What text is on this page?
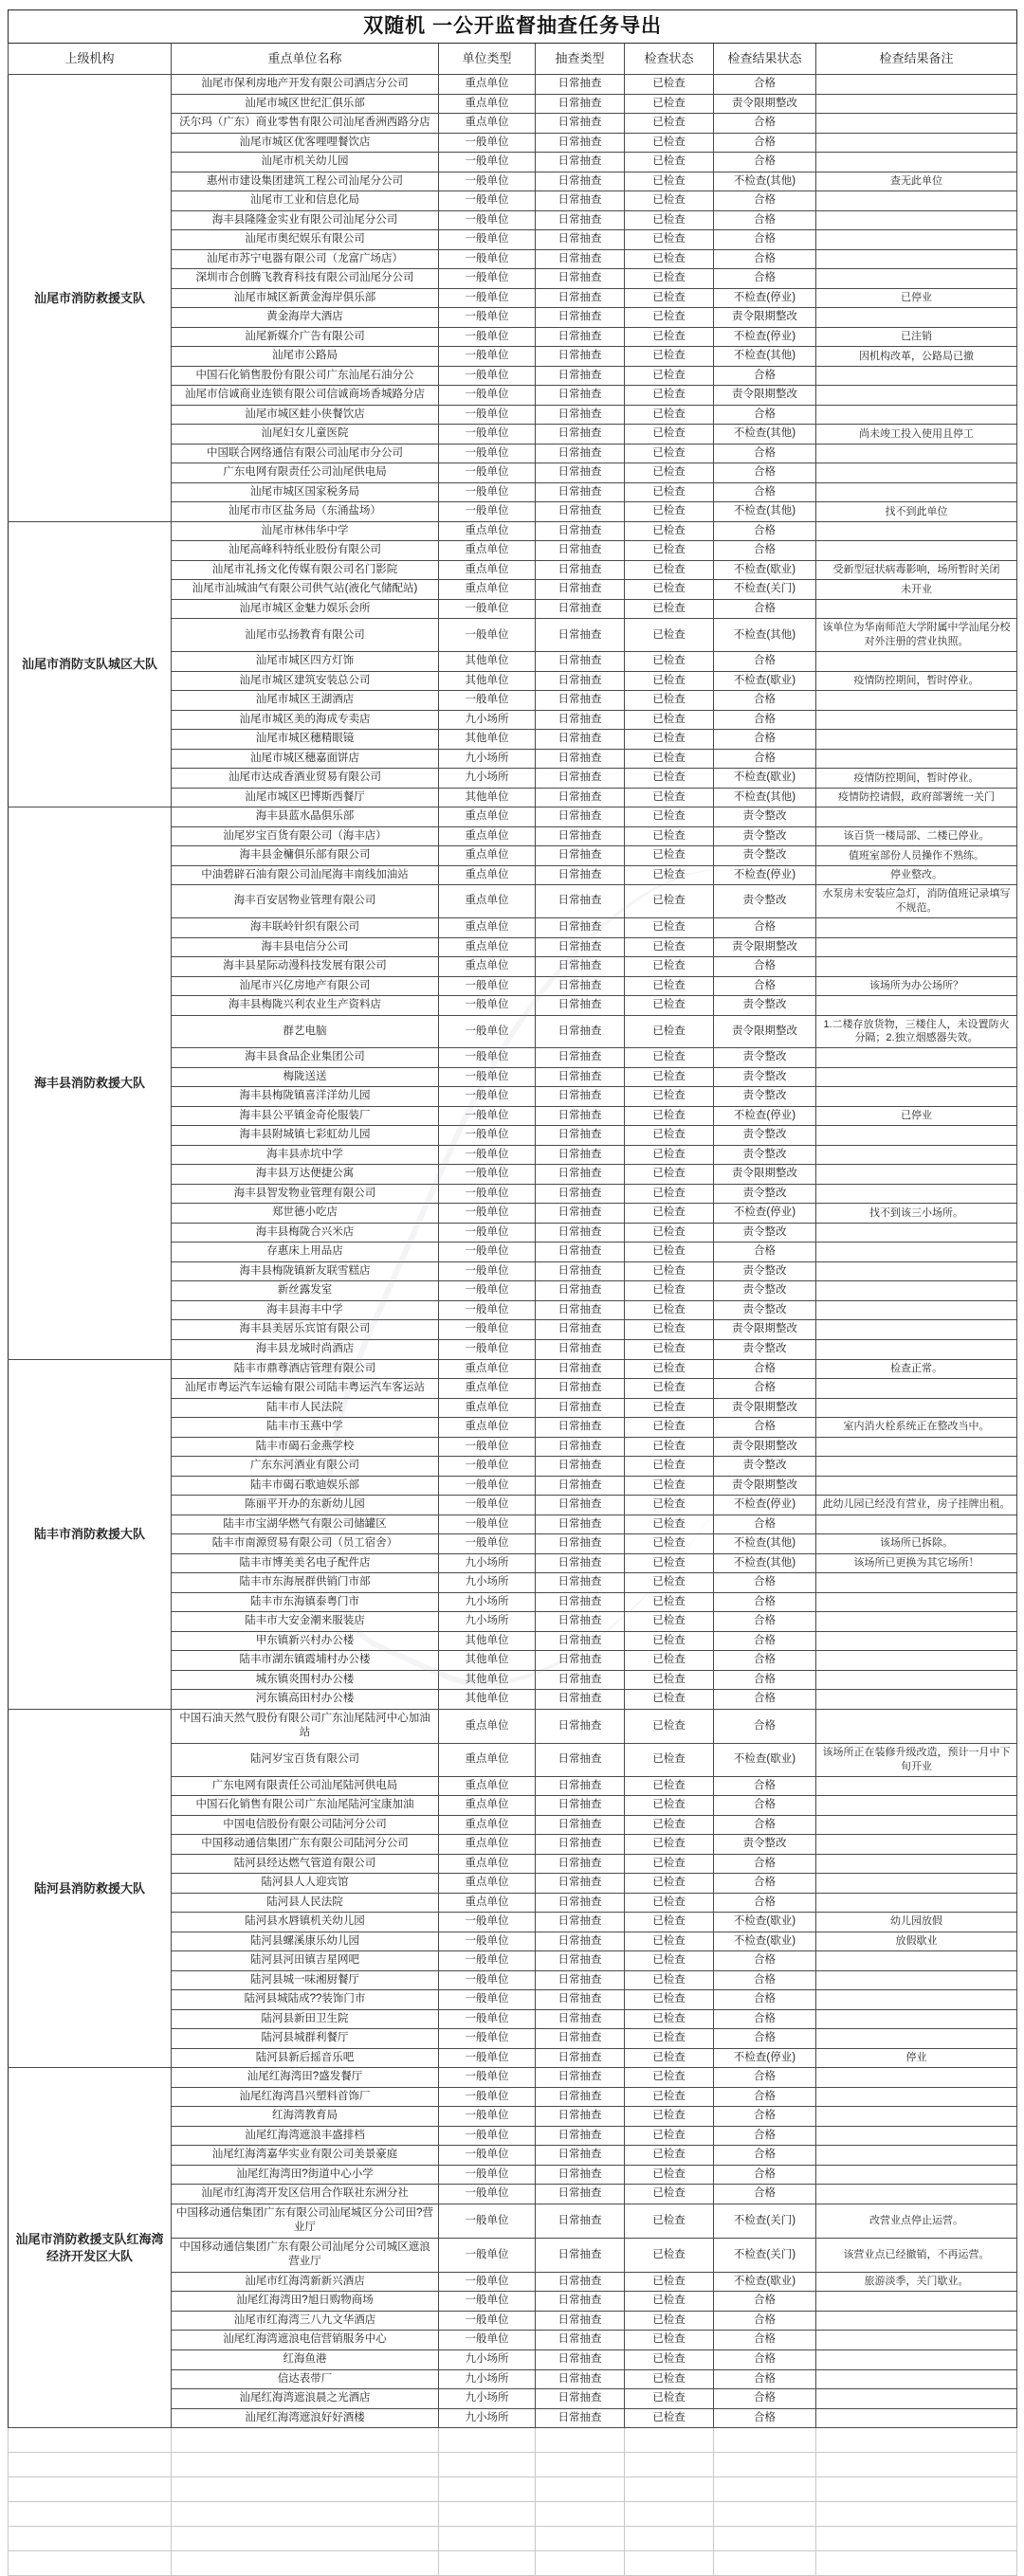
双随机 一公开监督抽查任务导出						
上级机构	重点单位名称	单位类型	抽查类型	检查状态	检查结果状态	检查结果备注
汕尾市消防救援支队	汕尾市保利房地产开发有限公司酒店分公司	重点单位	日常抽查	已检查	合格	
	汕尾市城区世纪汇俱乐部	重点单位	日常抽查	已检查	责令限期整改	
	沃尔玛（广东）商业零售有限公司汕尾香洲西路分店	重点单位	日常抽查	已检查	合格	
	汕尾市城区优客哩哩餐饮店	一般单位	日常抽查	已检查	合格	
	汕尾市机关幼儿园	一般单位	日常抽查	已检查	合格	
	惠州市建设集团建筑工程公司汕尾分公司	一般单位	日常抽查	已检查	不检查(其他)	查无此单位
	汕尾市工业和信息化局	一般单位	日常抽查	已检查	合格	
	海丰县隆隆金实业有限公司汕尾分公司	一般单位	日常抽查	已检查	合格	
	汕尾市奥纪娱乐有限公司	一般单位	日常抽查	已检查	合格	
	汕尾市苏宁电器有限公司（龙富广场店）	一般单位	日常抽查	已检查	合格	
	深圳市合创腾飞教育科技有限公司汕尾分公司	一般单位	日常抽查	已检查	合格	
	汕尾市城区新黄金海岸俱乐部	一般单位	日常抽查	已检查	不检查(停业)	已停业
	黄金海岸大酒店	一般单位	日常抽查	已检查	责令限期整改	
	汕尾新媒介广告有限公司	一般单位	日常抽查	已检查	不检查(停业)	已注销
	汕尾市公路局	一般单位	日常抽查	已检查	不检查(其他)	因机构改革，公路局已撤
	中国石化销售股份有限公司广东汕尾石油分公	一般单位	日常抽查	已检查	合格	
	汕尾市信诚商业连锁有限公司信诚商场香城路分店	一般单位	日常抽查	已检查	责令限期整改	
	汕尾市城区蛙小侠餐饮店	一般单位	日常抽查	已检查	合格	
	汕尾妇女儿童医院	一般单位	日常抽查	已检查	不检查(其他)	尚未竣工投入使用且停工
	中国联合网络通信有限公司汕尾市分公司	一般单位	日常抽查	已检查	合格	
	广东电网有限责任公司汕尾供电局	一般单位	日常抽查	已检查	合格	
	汕尾市城区国家税务局	一般单位	日常抽查	已检查	合格	
	汕尾市市区盐务局（东涌盐场）	一般单位	日常抽查	已检查	不检查(其他)	找不到此单位
汕尾市消防支队城区大队	汕尾市林伟华中学	重点单位	日常抽查	已检查	合格	
	汕尾高峰科特纸业股份有限公司	重点单位	日常抽查	已检查	合格	
	汕尾市礼扬文化传媒有限公司名门影院	重点单位	日常抽查	已检查	不检查(歇业)	受新型冠状病毒影响，场所暂时关闭
	汕尾市汕城油气有限公司供气站(液化气储配站)	重点单位	日常抽查	已检查	不检查(关门)	未开业
	汕尾市城区金魅力娱乐会所	一般单位	日常抽查	已检查	合格	
	汕尾市弘扬教育有限公司	一般单位	日常抽查	已检查	不检查(其他)	该单位为华南师范大学附属中学汕尾分校对外注册的营业执照。
	汕尾市城区四方灯饰	其他单位	日常抽查	已检查	合格	
	汕尾市城区建筑安装总公司	其他单位	日常抽查	已检查	不检查(歇业)	疫情防控期间，暂时停业。
	汕尾市城区王湖酒店	一般单位	日常抽查	已检查	合格	
	汕尾市城区美的海成专卖店	九小场所	日常抽查	已检查	合格	
	汕尾市城区穗精眼镜	其他单位	日常抽查	已检查	合格	
	汕尾市城区穗嘉面饼店	九小场所	日常抽查	已检查	合格	
	汕尾市达成香酒业贸易有限公司	九小场所	日常抽查	已检查	不检查(歇业)	疫情防控期间，暂时停业。
	汕尾市城区巴博斯西餐厅	其他单位	日常抽查	已检查	不检查(其他)	疫情防控请假，政府部署统一关门
海丰县消防救援大队	海丰县蓝水晶俱乐部	重点单位	日常抽查	已检查	责令整改	
	汕尾岁宝百货有限公司（海丰店）	重点单位	日常抽查	已检查	责令整改	该百货一楼局部、二楼已停业。
	海丰县金槦俱乐部有限公司	重点单位	日常抽查	已检查	责令整改	值班室部份人员操作不熟练。
	中油碧辟石油有限公司汕尾海丰南线加油站	重点单位	日常抽查	已检查	不检查(停业)	停业整改。
	海丰百安居物业管理有限公司	重点单位	日常抽查	已检查	责令整改	水泵房未安装应急灯，消防值班记录填写不规范。
	海丰联岭针织有限公司	重点单位	日常抽查	已检查	合格	
	海丰县电信分公司	重点单位	日常抽查	已检查	责令限期整改	
	海丰县星际动漫科技发展有限公司	重点单位	日常抽查	已检查	合格	
	汕尾市兴亿房地产有限公司	一般单位	日常抽查	已检查	合格	该场所为办公场所？
	海丰县梅陇兴利农业生产资料店	一般单位	日常抽查	已检查	责令整改	
	群艺电脑	一般单位	日常抽查	已检查	责令限期整改	1.二楼存放货物，三楼住人，未设置防火分隔；2.独立烟感器失效。
	海丰县食品企业集团公司	一般单位	日常抽查	已检查	责令整改	
	梅陇送送	一般单位	日常抽查	已检查	责令整改	
	海丰县梅陇镇喜洋洋幼儿园	一般单位	日常抽查	已检查	责令整改	
	海丰县公平镇金奇伦服装厂	一般单位	日常抽查	已检查	不检查(停业)	已停业
	海丰县附城镇七彩虹幼儿园	一般单位	日常抽查	已检查	责令整改	
	海丰县赤坑中学	一般单位	日常抽查	已检查	责令整改	
	海丰县万达便捷公寓	一般单位	日常抽查	已检查	责令限期整改	
	海丰县智发物业管理有限公司	一般单位	日常抽查	已检查	责令整改	
	郑世德小吃店	一般单位	日常抽查	已检查	不检查(停业)	找不到该三小场所。
	海丰县梅陇合兴米店	一般单位	日常抽查	已检查	责令整改	
	存惠床上用品店	一般单位	日常抽查	已检查	合格	
	海丰县梅陇镇新友联雪糕店	一般单位	日常抽查	已检查	责令整改	
	新丝露发室	一般单位	日常抽查	已检查	责令整改	
	海丰县海丰中学	一般单位	日常抽查	已检查	责令整改	
	海丰县美居乐宾馆有限公司	一般单位	日常抽查	已检查	责令限期整改	
	海丰县龙城时尚酒店	一般单位	日常抽查	已检查	责令整改	
陆丰市消防救援大队	陆丰市鼎尊酒店管理有限公司	重点单位	日常抽查	已检查	合格	检查正常。
	汕尾市粤运汽车运输有限公司陆丰粤运汽车客运站	重点单位	日常抽查	已检查	合格	
	陆丰市人民法院	重点单位	日常抽查	已检查	责令限期整改	
	陆丰市玉燕中学	重点单位	日常抽查	已检查	合格	室内消火栓系统正在整改当中。
	陆丰市碣石金燕学校	一般单位	日常抽查	已检查	责令限期整改	
	广东东河酒业有限公司	一般单位	日常抽查	已检查	责令整改	
	陆丰市碣石歌迪娱乐部	一般单位	日常抽查	已检查	责令限期整改	
	陈丽平开办的东新幼儿园	一般单位	日常抽查	已检查	不检查(停业)	此幼儿园已经没有营业，房子挂牌出租。
	陆丰市宝湖华燃气有限公司储罐区	一般单位	日常抽查	已检查	合格	
	陆丰市南源贸易有限公司（员工宿舍）	一般单位	日常抽查	已检查	不检查(其他)	该场所已拆除。
	陆丰市博美美名电子配件店	九小场所	日常抽查	已检查	不检查(其他)	该场所已更换为其它场所！
	陆丰市东海展群供销门市部	九小场所	日常抽查	已检查	合格	
	陆丰市东海镇泰粤门市	九小场所	日常抽查	已检查	合格	
	陆丰市大安金潮来服装店	九小场所	日常抽查	已检查	合格	
	甲东镇新兴村办公楼	其他单位	日常抽查	已检查	合格	
	陆丰市湖东镇霞埔村办公楼	其他单位	日常抽查	已检查	合格	
	城东镇炎围村办公楼	其他单位	日常抽查	已检查	合格	
	河东镇高田村办公楼	其他单位	日常抽查	已检查	合格	
陆河县消防救援大队	中国石油天然气股份有限公司广东汕尾陆河中心加油站	重点单位	日常抽查	已检查	合格	
	陆河岁宝百货有限公司	重点单位	日常抽查	已检查	不检查(歇业)	该场所正在装修升级改造，预计一月中下旬开业
	广东电网有限责任公司汕尾陆河供电局	重点单位	日常抽查	已检查	合格	
	中国石化销售有限公司广东汕尾陆河宝康加油	重点单位	日常抽查	已检查	合格	
	中国电信股份有限公司陆河分公司	重点单位	日常抽查	已检查	合格	
	中国移动通信集团广东有限公司陆河分公司	重点单位	日常抽查	已检查	责令整改	
	陆河县经达燃气管道有限公司	重点单位	日常抽查	已检查	合格	
	陆河县人人迎宾馆	重点单位	日常抽查	已检查	合格	
	陆河县人民法院	重点单位	日常抽查	已检查	合格	
	陆河县水唇镇机关幼儿园	一般单位	日常抽查	已检查	不检查(歇业)	幼儿园放假
	陆河县螺溪康乐幼儿园	一般单位	日常抽查	已检查	不检查(歇业)	放假歇业
	陆河县河田镇吉星网吧	一般单位	日常抽查	已检查	合格	
	陆河县城一味湘厨餐厅	一般单位	日常抽查	已检查	合格	
	陆河县城陆成??装饰门市	一般单位	日常抽查	已检查	合格	
	陆河县新田卫生院	一般单位	日常抽查	已检查	合格	
	陆河县城群利餐厅	一般单位	日常抽查	已检查	合格	
	陆河县新后摇音乐吧	一般单位	日常抽查	已检查	不检查(停业)	停业
汕尾市消防救援支队红海湾经济开发区大队	汕尾红海湾田?盛发餐厅	一般单位	日常抽查	已检查	合格	
	汕尾红海湾昌兴塑料首饰厂	一般单位	日常抽查	已检查	合格	
	红海湾教育局	一般单位	日常抽查	已检查	合格	
	汕尾红海湾遮浪丰盛排档	一般单位	日常抽查	已检查	合格	
	汕尾红海湾嘉华实业有限公司美景豪庭	一般单位	日常抽查	已检查	合格	
	汕尾红海湾田?街道中心小学	一般单位	日常抽查	已检查	合格	
	汕尾市红海湾开发区信用合作联社东洲分社	一般单位	日常抽查	已检查	合格	
	中国移动通信集团广东有限公司汕尾城区分公司田?营业厅	一般单位	日常抽查	已检查	不检查(关门)	改营业点停止运营。
	中国移动通信集团广东有限公司汕尾分公司城区遮浪营业厅	一般单位	日常抽查	已检查	不检查(关门)	该营业点已经撤销，不再运营。
	汕尾市红海湾新新兴酒店	一般单位	日常抽查	已检查	不检查(歇业)	旅游淡季，关门歇业。
	汕尾红海湾田?旭日购物商场	一般单位	日常抽查	已检查	合格	
	汕尾市红海湾三八九文华酒店	一般单位	日常抽查	已检查	合格	
	汕尾红海湾遮浪电信营销服务中心	一般单位	日常抽查	已检查	合格	
	红海鱼港	九小场所	日常抽查	已检查	合格	
	信达表带厂	九小场所	日常抽查	已检查	合格	
	汕尾红海湾遮浪晨之光酒店	九小场所	日常抽查	已检查	合格	
	汕尾红海湾遮浪好好酒楼	九小场所	日常抽查	已检查	合格	
